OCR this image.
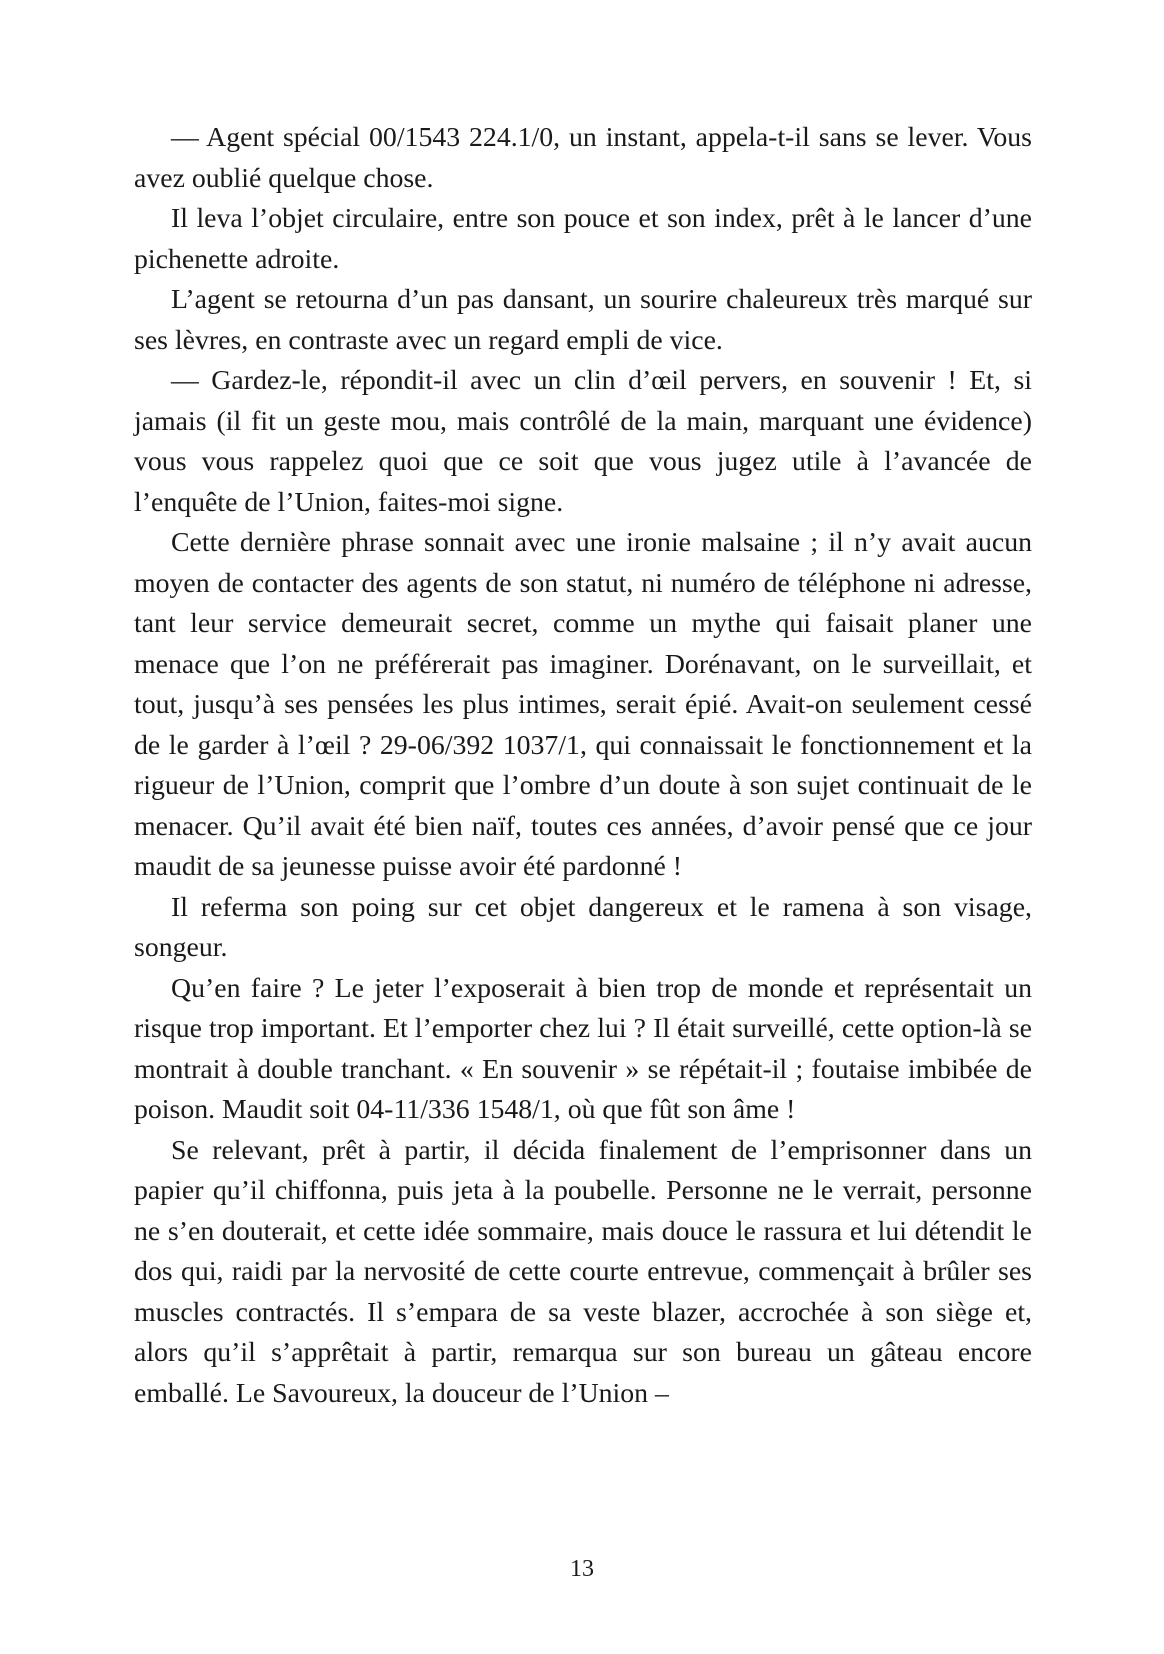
— Agent spécial 00/1543 224.1/0, un instant, appela-t-il sans se lever. Vous avez oublié quelque chose.

Il leva l’objet circulaire, entre son pouce et son index, prêt à le lancer d’une pichenette adroite.

L’agent se retourna d’un pas dansant, un sourire chaleureux très marqué sur ses lèvres, en contraste avec un regard empli de vice.

— Gardez-le, répondit-il avec un clin d’œil pervers, en souvenir ! Et, si jamais (il fit un geste mou, mais contrôlé de la main, marquant une évidence) vous vous rappelez quoi que ce soit que vous jugez utile à l’avancée de l’enquête de l’Union, faites-moi signe.

Cette dernière phrase sonnait avec une ironie malsaine ; il n’y avait aucun moyen de contacter des agents de son statut, ni numéro de téléphone ni adresse, tant leur service demeurait secret, comme un mythe qui faisait planer une menace que l’on ne préférerait pas imaginer. Dorénavant, on le surveillait, et tout, jusqu’à ses pensées les plus intimes, serait épié. Avait-on seulement cessé de le garder à l’œil ? 29-06/392 1037/1, qui connaissait le fonctionnement et la rigueur de l’Union, comprit que l’ombre d’un doute à son sujet continuait de le menacer. Qu’il avait été bien naïf, toutes ces années, d’avoir pensé que ce jour maudit de sa jeunesse puisse avoir été pardonné !

Il referma son poing sur cet objet dangereux et le ramena à son visage, songeur.

Qu’en faire ? Le jeter l’exposerait à bien trop de monde et représentait un risque trop important. Et l’emporter chez lui ? Il était surveillé, cette option-là se montrait à double tranchant. « En souvenir » se répétait-il ; foutaise imbibée de poison. Maudit soit 04-11/336 1548/1, où que fût son âme !

Se relevant, prêt à partir, il décida finalement de l’emprisonner dans un papier qu’il chiffonna, puis jeta à la poubelle. Personne ne le verrait, personne ne s’en douterait, et cette idée sommaire, mais douce le rassura et lui détendit le dos qui, raidi par la nervosité de cette courte entrevue, commençait à brûler ses muscles contractés. Il s’empara de sa veste blazer, accrochée à son siège et, alors qu’il s’apprêtait à partir, remarqua sur son bureau un gâteau encore emballé. Le Savoureux, la douceur de l’Union –

13
